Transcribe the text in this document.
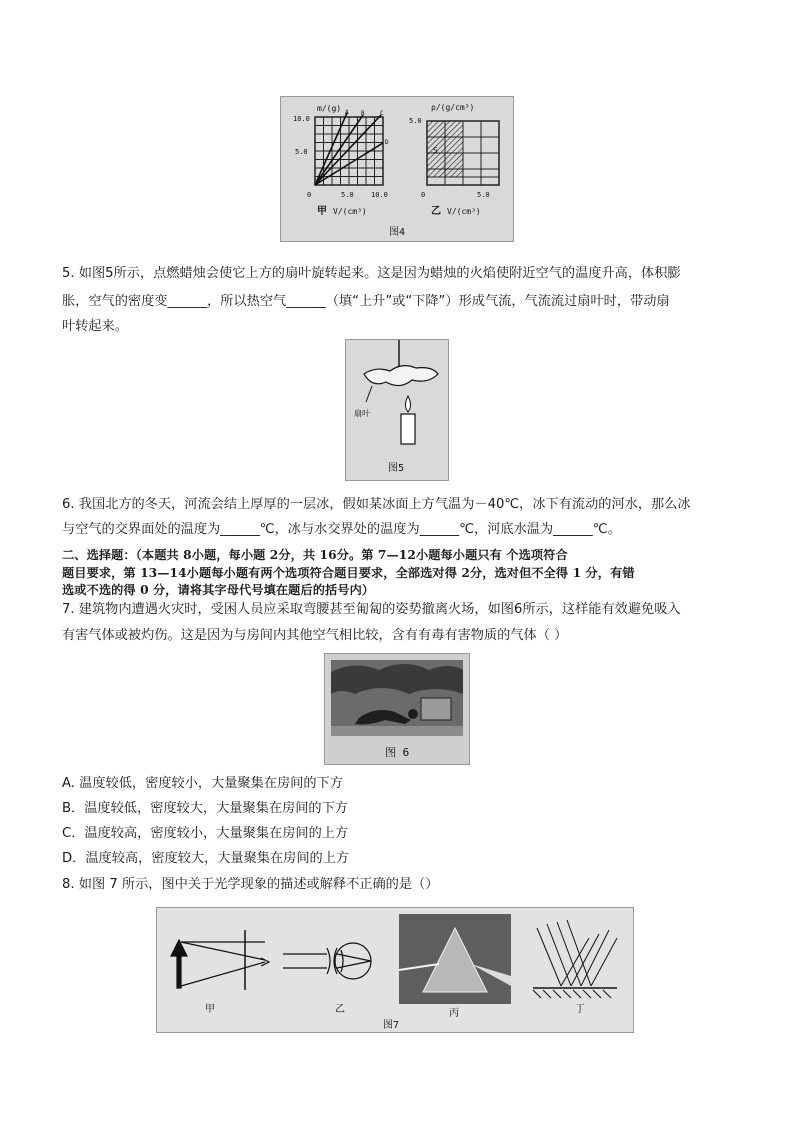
m/(g) A B	C
D
10.0
5.0
0	5.0 10.0
甲 V/(cm³)
ρ/(g/cm³)
5.0
0	5.0
S
乙 V/(cm³)
图4
5. 如图5所示，点燃蜡烛会使它上方的扇叶旋转起来。这是因为蜡烛的火焰使附近空气的温度升高，体积膨
胀，空气的密度变______，所以热空气______（填“上升”或“下降”）形成气流，气流流过扇叶时，带动扇
叶转起来。
扇叶
图5
6. 我国北方的冬天，河流会结上厚厚的一层冰，假如某冰面上方气温为－40℃，冰下有流动的河水，那么冰
与空气的交界面处的温度为______℃，冰与水交界处的温度为______℃，河底水温为______℃。
二、选择题：（本题共 8小题，每小题 2分，共 16分。第 7—12小题每小题只有 个选项符合
题目要求，第 13—14小题每小题有两个选项符合题目要求，全部选对得 2分，选对但不全得 1 分，有错
选或不选的得 0 分，请将其字母代号填在题后的括号内）
7. 建筑物内遭遇火灾时，受困人员应采取弯腰甚至匍匐的姿势撤离火场，如图6所示，这样能有效避免吸入
有害气体或被灼伤。这是因为与房间内其他空气相比较，含有有毒有害物质的气体（ ）
图 6
A. 温度较低，密度较小，大量聚集在房间的下方
B．温度较低，密度较大，大量聚集在房间的下方
C．温度较高，密度较小，大量聚集在房间的上方
D．温度较高，密度较大，大量聚集在房间的上方
8. 如图 7 所示，图中关于光学现象的描述或解释不正确的是（）
甲	乙	丙	丁
图7
